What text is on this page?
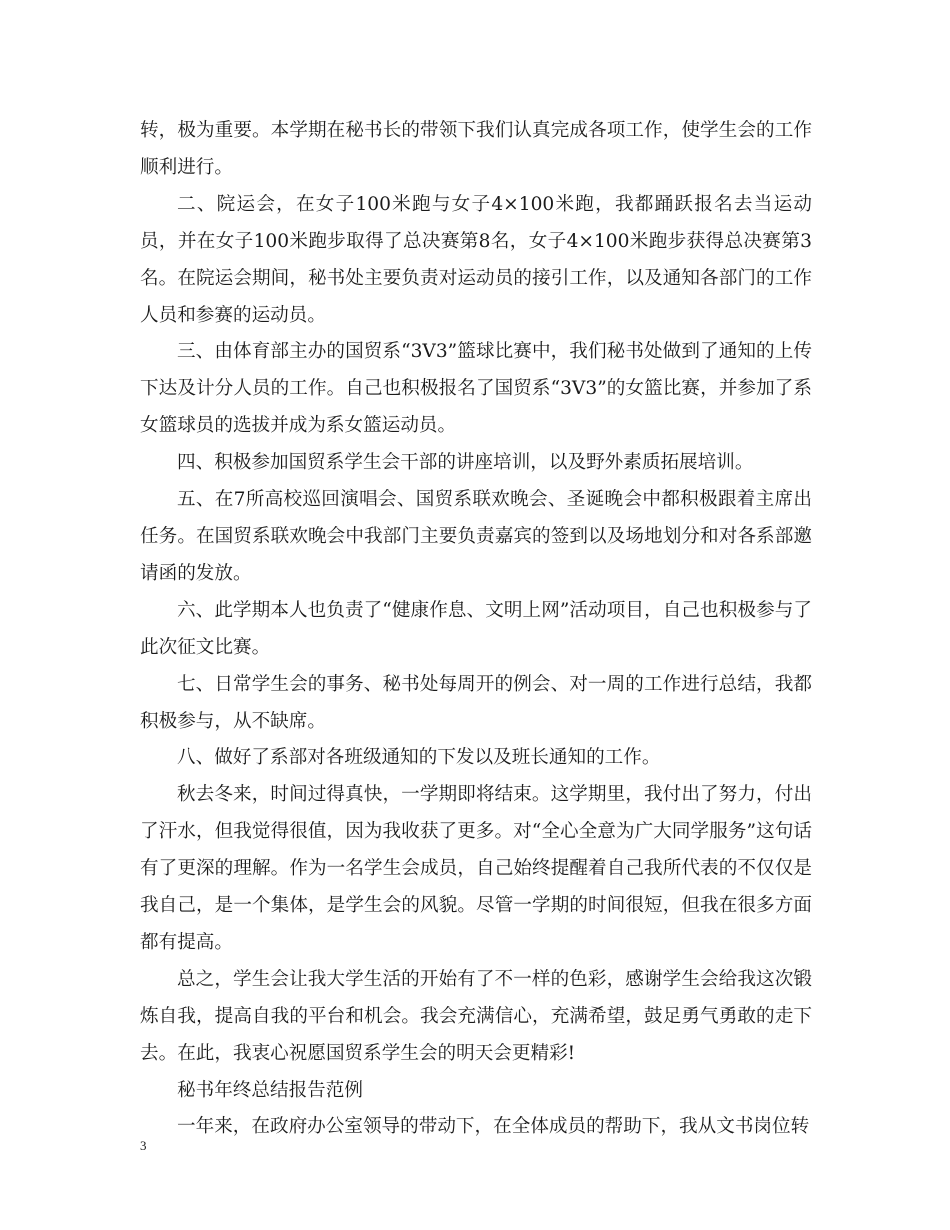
转，极为重要。本学期在秘书长的带领下我们认真完成各项工作，使学生会的工作顺利进行。

二、院运会，在女子100米跑与女子4×100米跑，我都踊跃报名去当运动员，并在女子100米跑步取得了总决赛第8名，女子4×100米跑步获得总决赛第3名。在院运会期间，秘书处主要负责对运动员的接引工作，以及通知各部门的工作人员和参赛的运动员。

三、由体育部主办的国贸系“3V3”篮球比赛中，我们秘书处做到了通知的上传下达及计分人员的工作。自己也积极报名了国贸系“3V3”的女篮比赛，并参加了系女篮球员的选拔并成为系女篮运动员。

四、积极参加国贸系学生会干部的讲座培训，以及野外素质拓展培训。

五、在7所高校巡回演唱会、国贸系联欢晚会、圣诞晚会中都积极跟着主席出任务。在国贸系联欢晚会中我部门主要负责嘉宾的签到以及场地划分和对各系部邀请函的发放。

六、此学期本人也负责了“健康作息、文明上网”活动项目，自己也积极参与了此次征文比赛。

七、日常学生会的事务、秘书处每周开的例会、对一周的工作进行总结，我都积极参与，从不缺席。

八、做好了系部对各班级通知的下发以及班长通知的工作。

秋去冬来，时间过得真快，一学期即将结束。这学期里，我付出了努力，付出了汗水，但我觉得很值，因为我收获了更多。对“全心全意为广大同学服务”这句话有了更深的理解。作为一名学生会成员，自己始终提醒着自己我所代表的不仅仅是我自己，是一个集体，是学生会的风貌。尽管一学期的时间很短，但我在很多方面都有提高。

总之，学生会让我大学生活的开始有了不一样的色彩，感谢学生会给我这次锻炼自我，提高自我的平台和机会。我会充满信心，充满希望，鼓足勇气勇敢的走下去。在此，我衷心祝愿国贸系学生会的明天会更精彩!

秘书年终总结报告范例

一年来，在政府办公室领导的带动下，在全体成员的帮助下，我从文书岗位转

3
